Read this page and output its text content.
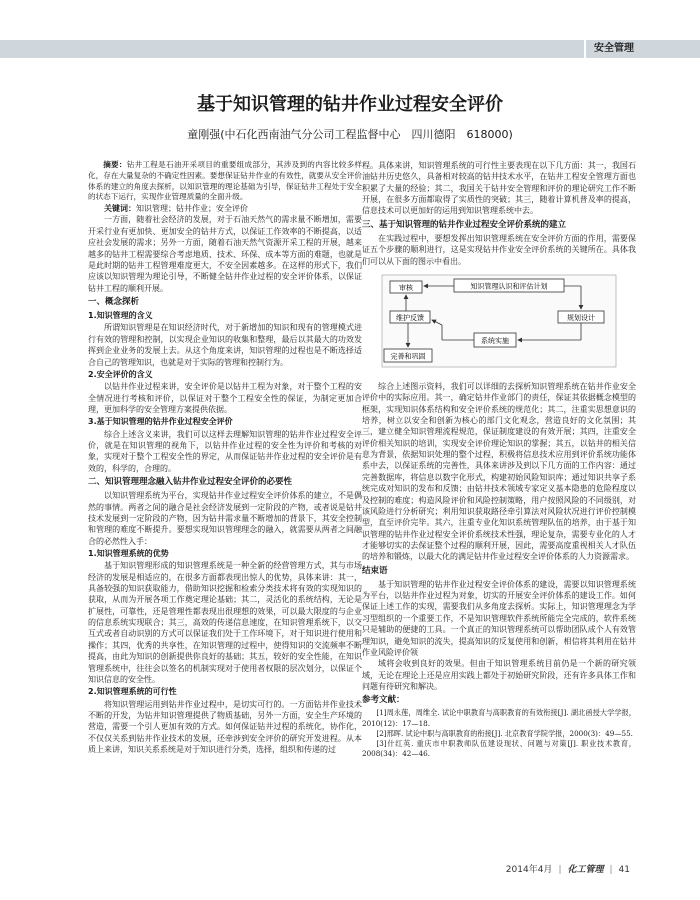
安全管理
基于知识管理的钻井作业过程安全评价
童刚强(中石化西南油气分公司工程监督中心　四川德阳　618000)

摘要：钻井工程是石油开采项目的重要组成部分，其涉及到的内容比较多样化，存在大量复杂的不确定性因素。要想保证钻井作业的有效性，就要从安全评价体系的建立的角度去探析，以知识管理的理论基础为引导，保证钻井工程处于安全的状态下运行，实现作业管理质量的全面升级。

关键词：知识管理；钻井作业；安全评价

一方面，随着社会经济的发展，对于石油天然气的需求量不断增加，需要开采行业有更加快、更加安全的钻井方式，以保证工作效率的不断提高，以适应社会发展的需求；另外一方面，随着石油天然气资源开采工程的开展，越来越多的钻井工程需要综合考虑地质、技术、环保、成本等方面的难题，也就是是此时期的钻井工程管理难度更大，不安全因素越多。在这样的形式下，我们应该以知识管理为理论引导，不断健全钻井作业过程的安全评价体系，以保证钻井工程的顺利开展。

一、概念探析
1.知识管理的含义

所谓知识管理是在知识经济时代，对于新增加的知识和现有的管理模式进行有效的管理和控制，以实现企业知识的收集和整理，最后以其最大的功效发挥到企业业务的发展上去。从这个角度来讲，知识管理的过程也是不断选择适合自己的管理知识，也就是对于实际的管理和控制行为。

2.安全评价的含义

以钻井作业过程来讲，安全评价是以钻井工程为对象，对于整个工程的安全情况进行考核和评价，以保证对于整个工程安全性的保证，为制定更加合理，更加科学的安全管理方案提供依据。

3.基于知识管理的钻井作业过程安全评价

综合上述含义来讲，我们可以这样去理解知识管理的钻井作业过程安全评价，就是在知识管理的视角下，以钻井作业过程的安全性为评价和考核的对象，实现对于整个工程安全性的界定，从而保证钻井作业过程的安全评价是有效的，科学的，合理的。

二、知识管理理念融入钻井作业过程安全评价的必要性

以知识管理系统为平台，实现钻井作业过程安全评价体系的建立，不是偶然的事情。两者之间的融合是社会经济发展到一定阶段的产物，或者说是钻井技术发展到一定阶段的产物，因为钻井需求量不断增加的背景下，其安全控制和管理的难度不断提升。要想实现知识管理理念的融入，就需要从两者之间融合的必然性入手：

1.知识管理系统的优势

基于知识管理形成的知识管理系统是一种全新的经营管理方式，其与市场经济的发展是相适应的，在很多方面都表现出惊人的优势，具体来讲：其一，具备较强的知识获取能力，借助知识挖掘和检索分类技术将有效的实现知识的获取，从而为开展各项工作奠定理论基础；其二，灵活化的系统结构，无论是扩展性，可靠性，还是管理性都表现出很理想的效果，可以最大限度的与企业的信息系统实现联合；其三，高效的传递信息速度，在知识管理系统下，以交互式或者自动识别的方式可以保证我们处于工作环境下，对于知识进行使用和操作；其四，优秀的共享性，在知识管理的过程中，使得知识的交流频率不断提高，由此为知识的创新提供你良好的基础；其五，较好的安全性能，在知识管理系统中，往往会以签名的机制实现对于使用者权限的层次划分，以保证个知识信息的安全性。

2.知识管理系统的可行性

将知识管理运用到钻井作业过程中，是切实可行的。一方面钻井作业技术不断的开发，为钻井知识管理提供了物质基础，另外一方面，安全生产环境的营造，需要一个引人更加有效的方式。如何保证钻井过程的系统化，协作化，不仅仅关系到钻井作业技术的发展，还牵涉到安全评价的研究开发进程。从本质上来讲，知识关系系统是对于知识进行分类，选择，组织和传递的过

程。具体来讲，知识管理系统的可行性主要表现在以下几方面：其一，我国石油钻井历史悠久，具备相对较高的钻井技术水平，在钻井工程安全管理方面也积累了大量的经验；其二，我国关于钻井安全管理和评价的理论研究工作不断开展，在很多方面都取得了实质性的突破；其三，随着计算机普及率的提高，信息技术可以更加好的运用到知识管理系统中去。

三、基于知识管理的钻井作业过程安全评价系统的建立

在实践过程中，要想发挥出知识管理系统在安全评价方面的作用，需要保证五个步骤的顺利进行，这是实现钻井作业安全评价系统的关键所在。具体我们可以从下面的图示中看出。

知识管理认识和评估计划
审核
维护反馈
系统实施
规划设计
完善和巩固

综合上述图示资料，我们可以详细的去探析知识管理系统在钻井作业安全评价中的实际应用。其一，确定钻井作业部门的责任，保证其依据概念模型的框架，实现知识体系结构和安全评价系统的规范化；其二，注重实思想意识的培养，树立以安全和创新为核心的部门文化观念，营造良好的文化氛围；其三，建立健全知识管理流程规范，保证制度建设的有效开展；其四，注重安全评价相关知识的培训，实现安全评价理论知识的掌握；其五，以钻井的相关信息为背景，依据知识处理的整个过程，积极将信息技术应用到评价系统功能体系中去，以保证系统的完善性，具体来讲涉及到以下几方面的工作内容：通过完善数据库，将信息以数字化形式，构建初始风险知识库；通过知识共享子系统完成对知识的发布和反馈；由钻井技术领域专家定义基本隐患的危险程度以及控制的难度；构造风险评价和风险控制策略，用户按照风险的不同级别，对该风险进行分析研究；利用知识获取路径牵引算法对风险状况进行评价控制模型，直至评价完毕。其六，注重专业化知识系统管理队伍的培养，由于基于知识管理的钻井作业过程安全评价系统技术性强，理论复杂，需要专业化的人才才能够切实的去保证整个过程的顺利开展，因此，需要高度重视相关人才队伍的培养和锻炼，以最大化的满足钻井作业过程安全评价体系的人力资源需求。

结束语

基于知识管理的钻井作业过程安全评价体系的建设，需要以知识管理系统为平台，以钻井作业过程为对象，切实的开展安全评价体系的建设工作。如何保证上述工作的实现，需要我们从多角度去探析。实际上，知识管理理念为学习型组织的一个重要工作，不是知识管理软件系统所能完全完成的，软件系统只是辅助的便捷的工具。一个真正的知识管理系统可以帮助团队成个人有效管理知识，避免知识的流失，提高知识的反复使用和创新，相信将其利用在钻井作业风险评价领

域将会收到良好的效果。但由于知识管理系统目前仍是一个新的研究领域，无论在理论上还是应用实践上都处于初始研究阶段，还有许多具体工作和问题有待研究和解决。

参考文献：

[1]周永莲，周维全. 试论中职教育与高职教育的有效衔接[J]. 湖北函授大学学报，2010(12)：17—18.

[2]邢晖. 试论中职与高职教育的衔接[J]. 北京教育学院学报，2000(3)：49—55.

[3]什红英. 重庆市中职教师队伍建设现状、问题与对策[J]. 职业技术教育，2008(34)：42—46.

2014年4月 | 化工管理 | 41
